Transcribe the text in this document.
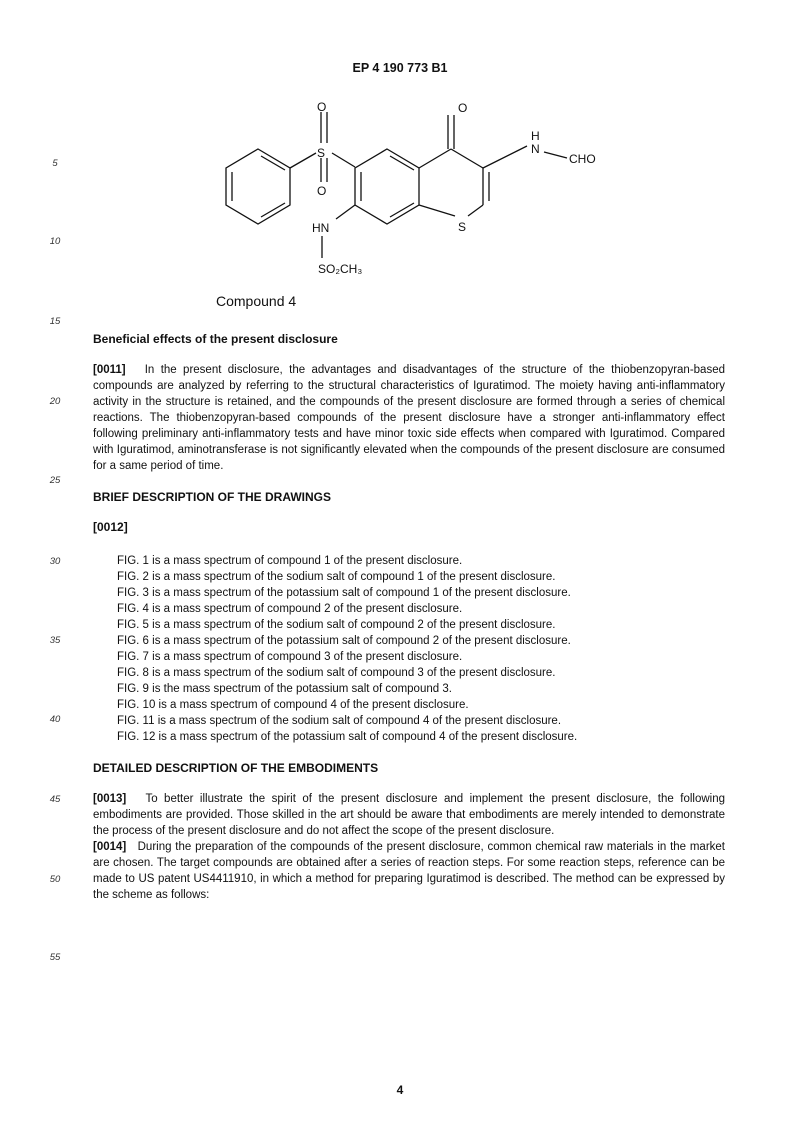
EP 4 190 773 B1
5
10
15
20
25
30
35
40
45
50
55
O
S
O
O
S
H
N
CHO
HN
SO₂CH₃
Compound 4
Beneficial effects of the present disclosure
[0011] In the present disclosure, the advantages and disadvantages of the structure of the thiobenzopyran-based compounds are analyzed by referring to the structural characteristics of Iguratimod. The moiety having anti-inflammatory activity in the structure is retained, and the compounds of the present disclosure are formed through a series of chemical reactions. The thiobenzopyran-based compounds of the present disclosure have a stronger anti-inflammatory effect following preliminary anti-inflammatory tests and have minor toxic side effects when compared with Iguratimod. Compared with Iguratimod, aminotransferase is not significantly elevated when the compounds of the present disclosure are consumed for a same period of time.
BRIEF DESCRIPTION OF THE DRAWINGS
[0012]
FIG. 1 is a mass spectrum of compound 1 of the present disclosure.
FIG. 2 is a mass spectrum of the sodium salt of compound 1 of the present disclosure.
FIG. 3 is a mass spectrum of the potassium salt of compound 1 of the present disclosure.
FIG. 4 is a mass spectrum of compound 2 of the present disclosure.
FIG. 5 is a mass spectrum of the sodium salt of compound 2 of the present disclosure.
FIG. 6 is a mass spectrum of the potassium salt of compound 2 of the present disclosure.
FIG. 7 is a mass spectrum of compound 3 of the present disclosure.
FIG. 8 is a mass spectrum of the sodium salt of compound 3 of the present disclosure.
FIG. 9 is the mass spectrum of the potassium salt of compound 3.
FIG. 10 is a mass spectrum of compound 4 of the present disclosure.
FIG. 11 is a mass spectrum of the sodium salt of compound 4 of the present disclosure.
FIG. 12 is a mass spectrum of the potassium salt of compound 4 of the present disclosure.
DETAILED DESCRIPTION OF THE EMBODIMENTS
[0013] To better illustrate the spirit of the present disclosure and implement the present disclosure, the following embodiments are provided. Those skilled in the art should be aware that embodiments are merely intended to demonstrate the process of the present disclosure and do not affect the scope of the present disclosure.
[0014] During the preparation of the compounds of the present disclosure, common chemical raw materials in the market are chosen. The target compounds are obtained after a series of reaction steps. For some reaction steps, reference can be made to US patent US4411910, in which a method for preparing Iguratimod is described. The method can be expressed by the scheme as follows:
4
